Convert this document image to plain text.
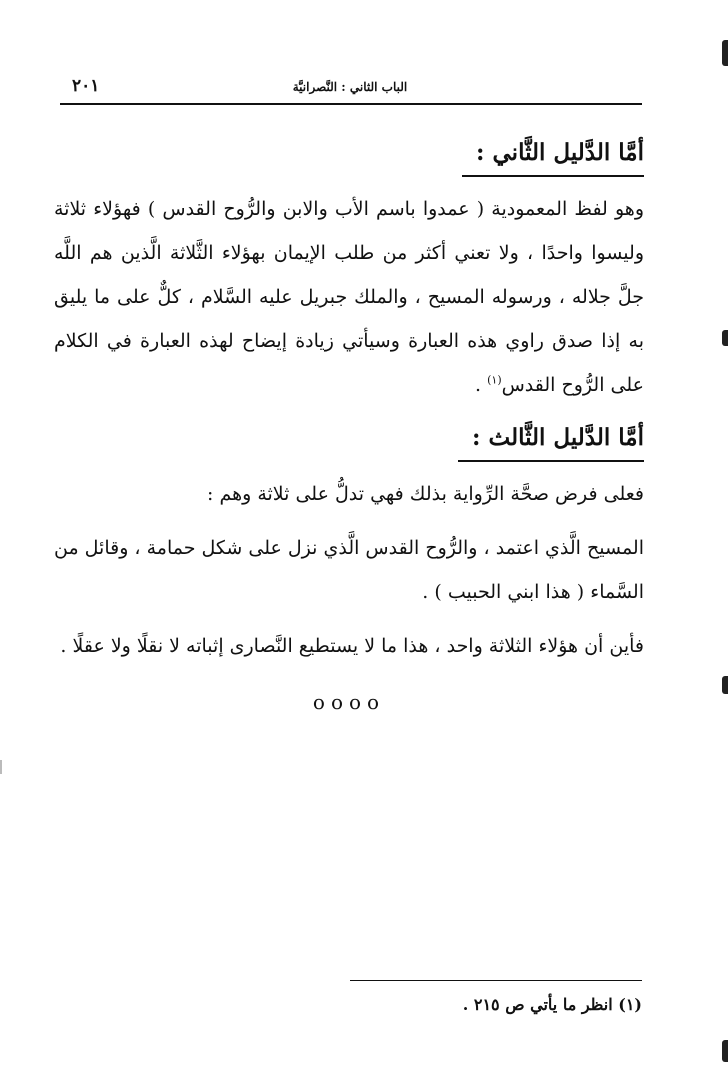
الباب الثاني : النَّصرانيَّة
٢٠١
أمَّا الدَّليل الثَّاني :

وهو لفظ المعمودية ( عمدوا باسم الأب والابن والرُّوح القدس ) فهؤلاء ثلاثة وليسوا واحدًا ، ولا تعني أكثر من طلب الإيمان بهؤلاء الثَّلاثة الَّذين هم اللَّه جلَّ جلاله ، ورسوله المسيح ، والملك جبريل عليه السَّلام ، كلٌّ على ما يليق به إذا صدق راوي هذه العبارة وسيأتي زيادة إيضاح لهذه العبارة في الكلام على الرُّوح القدس$^{(١)}$ .

أمَّا الدَّليل الثَّالث :

فعلى فرض صحَّة الرِّواية بذلك فهي تدلُّ على ثلاثة وهم :

المسيح الَّذي اعتمد ، والرُّوح القدس الَّذي نزل على شكل حمامة ، وقائل من السَّماء ( هذا ابني الحبيب ) .

فأين أن هؤلاء الثلاثة واحد ، هذا ما لا يستطيع النَّصارى إثباته لا نقلًا ولا عقلًا .

oooo
(١) انظر ما يأتي ص ٢١٥ .
